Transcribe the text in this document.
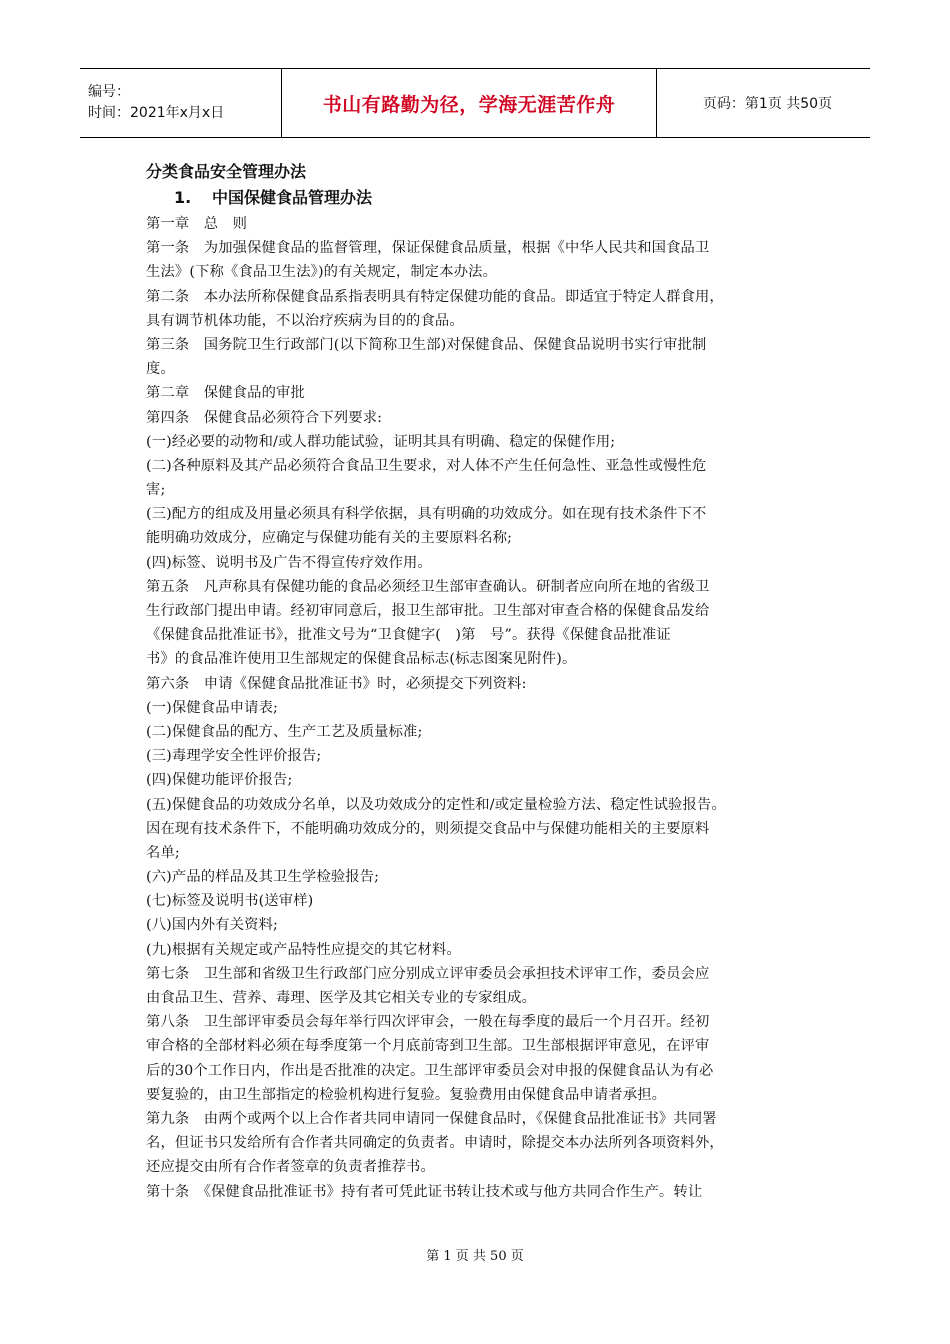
编号：
时间：2021年x月x日	书山有路勤为径，学海无涯苦作舟	页码：第1页 共50页
分类食品安全管理办法
1. 中国保健食品管理办法
第一章　总　则
第一条　为加强保健食品的监督管理，保证保健食品质量，根据《中华人民共和国食品卫
生法》(下称《食品卫生法》)的有关规定，制定本办法。
第二条　本办法所称保健食品系指表明具有特定保健功能的食品。即适宜于特定人群食用，
具有调节机体功能，不以治疗疾病为目的的食品。
第三条　国务院卫生行政部门(以下简称卫生部)对保健食品、保健食品说明书实行审批制
度。
第二章　保健食品的审批
第四条　保健食品必须符合下列要求:
(一)经必要的动物和/或人群功能试验，证明其具有明确、稳定的保健作用;
(二)各种原料及其产品必须符合食品卫生要求，对人体不产生任何急性、亚急性或慢性危
害;
(三)配方的组成及用量必须具有科学依据，具有明确的功效成分。如在现有技术条件下不
能明确功效成分，应确定与保健功能有关的主要原料名称;
(四)标签、说明书及广告不得宣传疗效作用。
第五条　凡声称具有保健功能的食品必须经卫生部审查确认。研制者应向所在地的省级卫
生行政部门提出申请。经初审同意后，报卫生部审批。卫生部对审查合格的保健食品发给
《保健食品批准证书》，批准文号为“卫食健字(　)第　号”。获得《保健食品批准证
书》的食品准许使用卫生部规定的保健食品标志(标志图案见附件)。
第六条　申请《保健食品批准证书》时，必须提交下列资料:
(一)保健食品申请表;
(二)保健食品的配方、生产工艺及质量标准;
(三)毒理学安全性评价报告;
(四)保健功能评价报告;
(五)保健食品的功效成分名单，以及功效成分的定性和/或定量检验方法、稳定性试验报告。
因在现有技术条件下，不能明确功效成分的，则须提交食品中与保健功能相关的主要原料
名单;
(六)产品的样品及其卫生学检验报告;
(七)标签及说明书(送审样)
(八)国内外有关资料;
(九)根据有关规定或产品特性应提交的其它材料。
第七条　卫生部和省级卫生行政部门应分别成立评审委员会承担技术评审工作，委员会应
由食品卫生、营养、毒理、医学及其它相关专业的专家组成。
第八条　卫生部评审委员会每年举行四次评审会，一般在每季度的最后一个月召开。经初
审合格的全部材料必须在每季度第一个月底前寄到卫生部。卫生部根据评审意见，在评审
后的30个工作日内，作出是否批准的决定。卫生部评审委员会对申报的保健食品认为有必
要复验的，由卫生部指定的检验机构进行复验。复验费用由保健食品申请者承担。
第九条　由两个或两个以上合作者共同申请同一保健食品时，《保健食品批准证书》共同署
名，但证书只发给所有合作者共同确定的负责者。申请时，除提交本办法所列各项资料外，
还应提交由所有合作者签章的负责者推荐书。
第十条　《保健食品批准证书》持有者可凭此证书转让技术或与他方共同合作生产。转让
第 1 页 共 50 页
